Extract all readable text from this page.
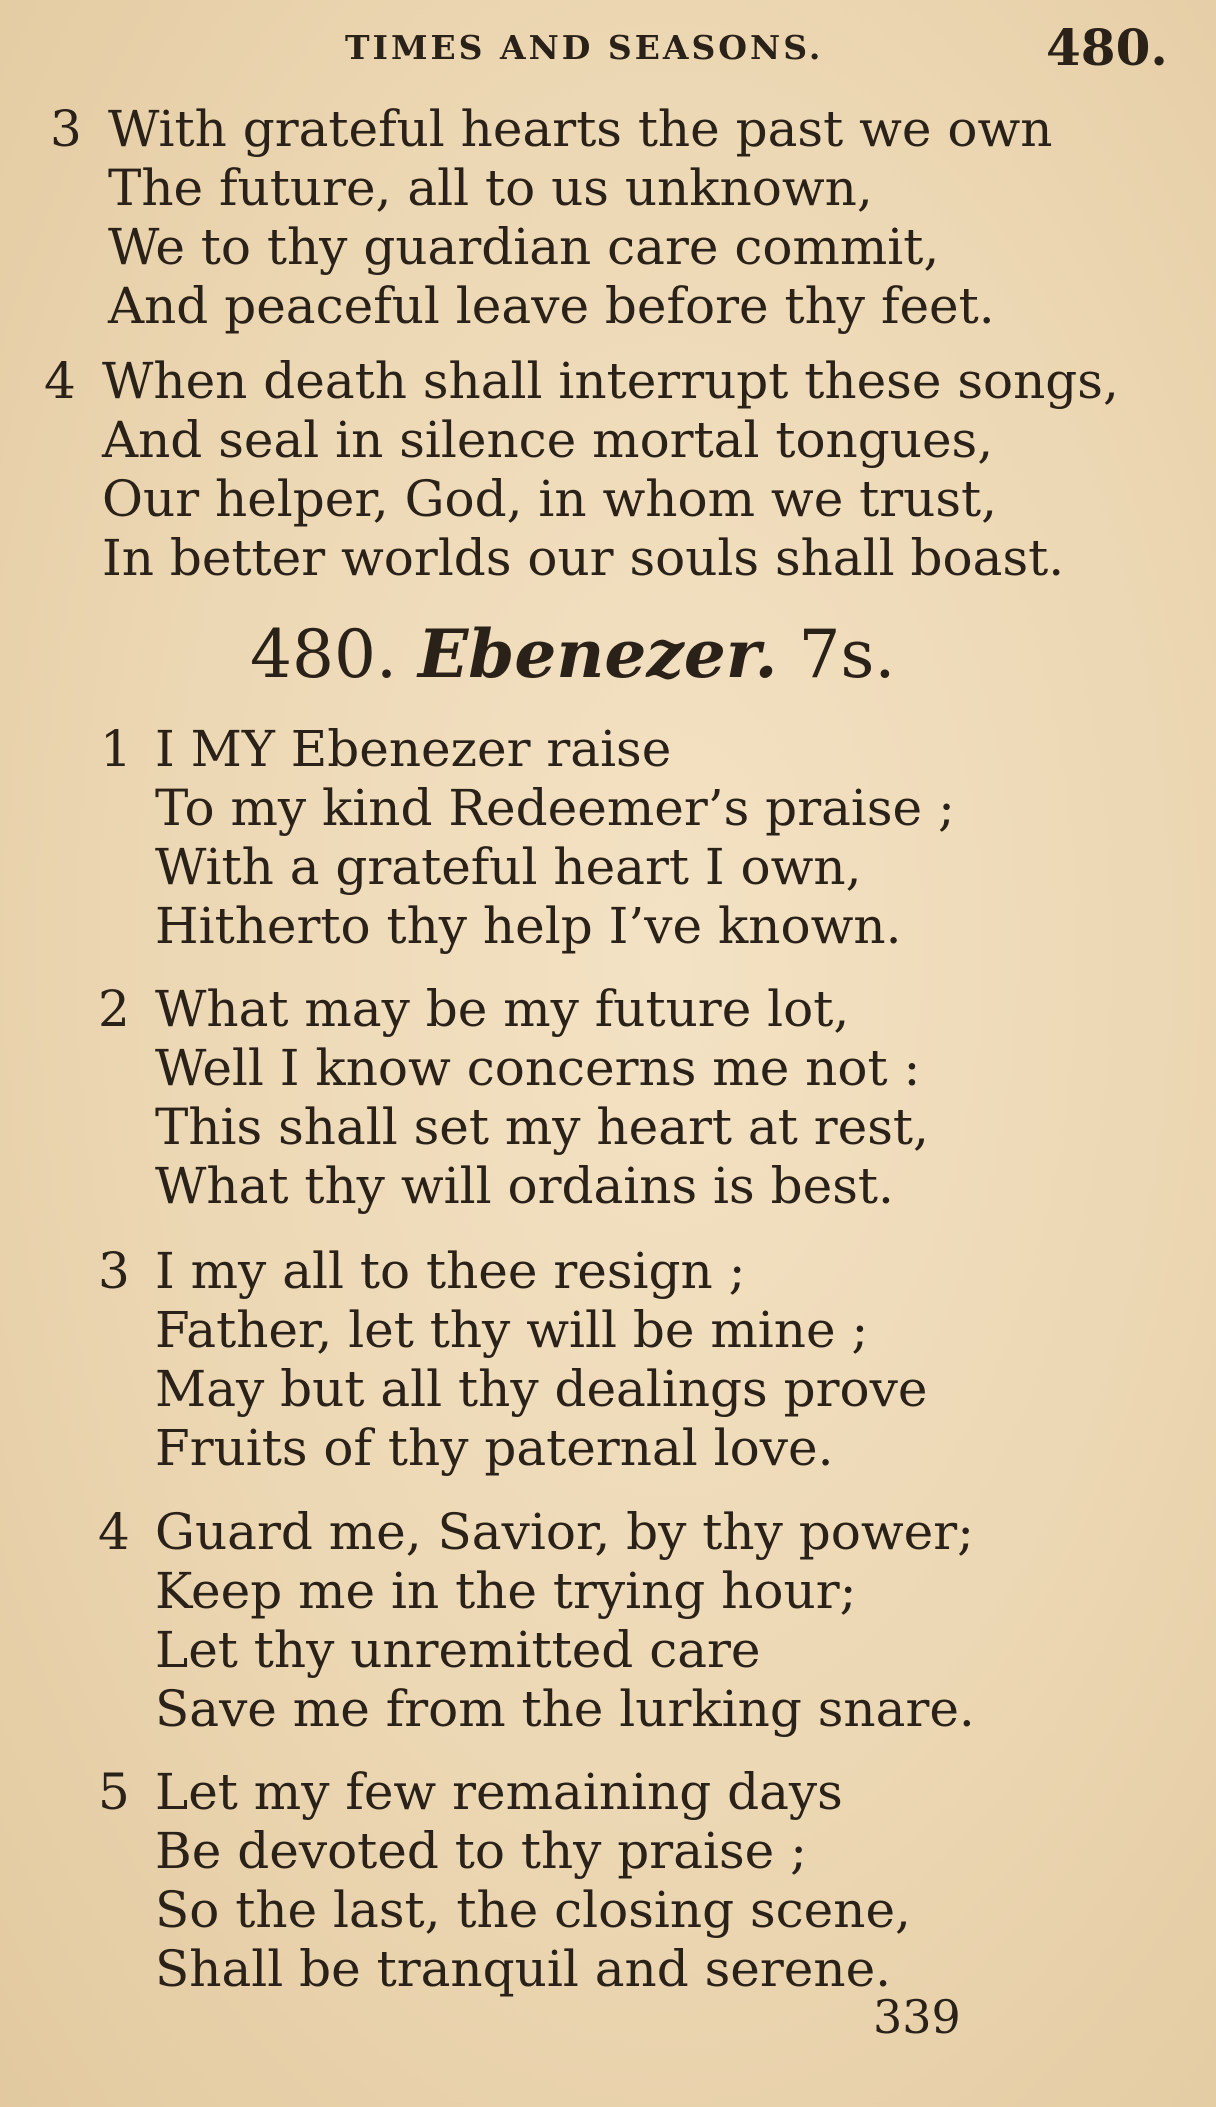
TIMES AND SEASONS.	480.
3 With grateful hearts the past we own
The future, all to us unknown,
We to thy guardian care commit,
And peaceful leave before thy feet.
4 When death shall interrupt these songs,
And seal in silence mortal tongues,
Our helper, God, in whom we trust,
In better worlds our souls shall boast.
480. Ebenezer. 7s.
1 I MY Ebenezer raise
To my kind Redeemer’s praise ;
With a grateful heart I own,
Hitherto thy help I’ve known.
2 What may be my future lot,
Well I know concerns me not :
This shall set my heart at rest,
What thy will ordains is best.
3 I my all to thee resign ;
Father, let thy will be mine ;
May but all thy dealings prove
Fruits of thy paternal love.
4 Guard me, Savior, by thy power;
Keep me in the trying hour;
Let thy unremitted care
Save me from the lurking snare.
5 Let my few remaining days
Be devoted to thy praise ;
So the last, the closing scene,
Shall be tranquil and serene.
339
